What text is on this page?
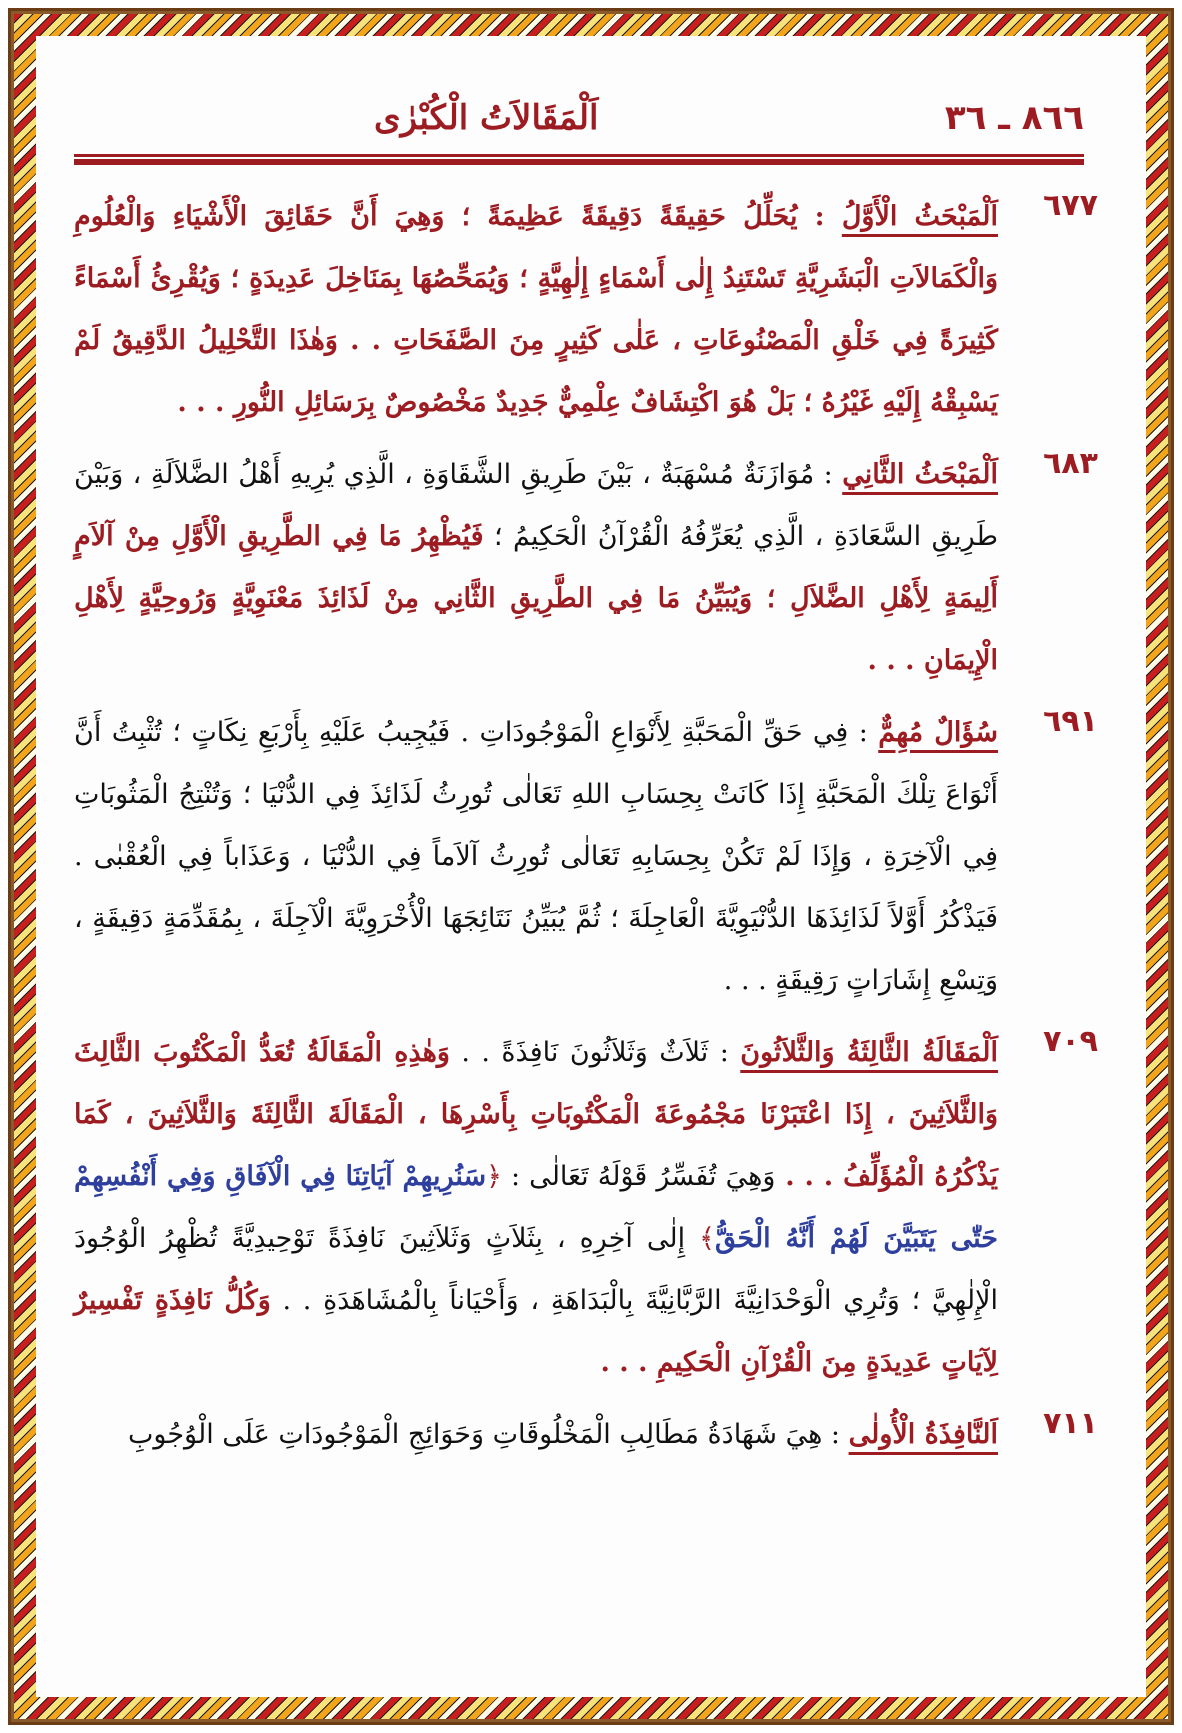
٨٦٦ ـ ٣٦
اَلْمَقَالاَتُ الْكُبْرٰى
٦٧٧
اَلْمَبْحَثُ الْأَوَّلُ : يُحَلِّلُ حَقِيقَةً دَقِيقَةً عَظِيمَةً ؛ وَهِيَ أَنَّ حَقَائِقَ الْأَشْيَاءِ وَالْعُلُومِ وَالْكَمَالاَتِ الْبَشَرِيَّةِ تَسْتَنِدُ إِلٰى أَسْمَاءٍ إِلٰهِيَّةٍ ؛ وَيُمَحِّصُهَا بِمَنَاخِلَ عَدِيدَةٍ ؛ وَيُقْرِئُ أَسْمَاءً كَثِيرَةً فِي خَلْقِ الْمَصْنُوعَاتِ ، عَلٰى كَثِيرٍ مِنَ الصَّفَحَاتِ . . وَهٰذَا التَّحْلِيلُ الدَّقِيقُ لَمْ يَسْبِقْهُ إِلَيْهِ غَيْرُهُ ؛ بَلْ هُوَ اكْتِشَافٌ عِلْمِيٌّ جَدِيدٌ مَخْصُوصٌ بِرَسَائِلِ النُّورِ . . .
٦٨٣
اَلْمَبْحَثُ الثَّانِي : مُوَازَنَةٌ مُسْهَبَةٌ ، بَيْنَ طَرِيقِ الشَّقَاوَةِ ، الَّذِي يُرِيهِ أَهْلُ الضَّلاَلَةِ ، وَبَيْنَ طَرِيقِ السَّعَادَةِ ، الَّذِي يُعَرِّفُهُ الْقُرْآنُ الْحَكِيمُ ؛ فَيُظْهِرُ مَا فِي الطَّرِيقِ الْأَوَّلِ مِنْ آلاَمٍ أَلِيمَةٍ لِأَهْلِ الضَّلاَلِ ؛ وَيُبَيِّنُ مَا فِي الطَّرِيقِ الثَّانِي مِنْ لَذَائِذَ مَعْنَوِيَّةٍ وَرُوحِيَّةٍ لِأَهْلِ الْإِيمَانِ . . .
٦٩١
سُؤَالٌ مُهِمٌّ : فِي حَقِّ الْمَحَبَّةِ لِأَنْوَاعِ الْمَوْجُودَاتِ . فَيُجِيبُ عَلَيْهِ بِأَرْبَعِ نِكَاتٍ ؛ تُثْبِتُ أَنَّ أَنْوَاعَ تِلْكَ الْمَحَبَّةِ إِذَا كَانَتْ بِحِسَابِ اللهِ تَعَالٰى تُورِثُ لَذَائِذَ فِي الدُّنْيَا ؛ وَتُنْتِجُ الْمَثُوبَاتِ فِي الْآخِرَةِ ، وَإِذَا لَمْ تَكُنْ بِحِسَابِهِ تَعَالٰى تُورِثُ آلاَماً فِي الدُّنْيَا ، وَعَذَاباً فِي الْعُقْبٰى . فَيَذْكُرُ أَوَّلاً لَذَائِذَهَا الدُّنْيَوِيَّةَ الْعَاجِلَةَ ؛ ثُمَّ يُبَيِّنُ نَتَائِجَهَا الْأُخْرَوِيَّةَ الْآجِلَةَ ، بِمُقَدِّمَةٍ دَقِيقَةٍ ، وَتِسْعِ إِشَارَاتٍ رَقِيقَةٍ . . .
٧٠٩
اَلْمَقَالَةُ الثَّالِثَةُ وَالثَّلاَثُونَ : ثَلاَثٌ وَثَلاَثُونَ نَافِذَةً . . وَهٰذِهِ الْمَقَالَةُ تُعَدُّ الْمَكْتُوبَ الثَّالِثَ وَالثَّلاَثِينَ ، إِذَا اعْتَبَرْنَا مَجْمُوعَةَ الْمَكْتُوبَاتِ بِأَسْرِهَا ، الْمَقَالَةَ الثَّالِثَةَ وَالثَّلاَثِينَ ، كَمَا يَذْكُرُهُ الْمُؤَلِّفُ . . . وَهِيَ تُفَسِّرُ قَوْلَهُ تَعَالٰى : ﴿سَنُرِيهِمْ آيَاتِنَا فِي الْآفَاقِ وَفِي أَنْفُسِهِمْ حَتّٰى يَتَبَيَّنَ لَهُمْ أَنَّهُ الْحَقُّ﴾ إِلٰى آخِرِهِ ، بِثَلاَثٍ وَثَلاَثِينَ نَافِذَةً تَوْحِيدِيَّةً تُظْهِرُ الْوُجُودَ الْإِلٰهِيَّ ؛ وَتُرِي الْوَحْدَانِيَّةَ الرَّبَّانِيَّةَ بِالْبَدَاهَةِ ، وَأَحْيَاناً بِالْمُشَاهَدَةِ . . وَكُلُّ نَافِذَةٍ تَفْسِيرٌ لِآيَاتٍ عَدِيدَةٍ مِنَ الْقُرْآنِ الْحَكِيمِ . . .
٧١١
اَلنَّافِذَةُ الْأُولٰى : هِيَ شَهَادَةُ مَطَالِبِ الْمَخْلُوقَاتِ وَحَوَائِجِ الْمَوْجُودَاتِ عَلَى الْوُجُوبِ
